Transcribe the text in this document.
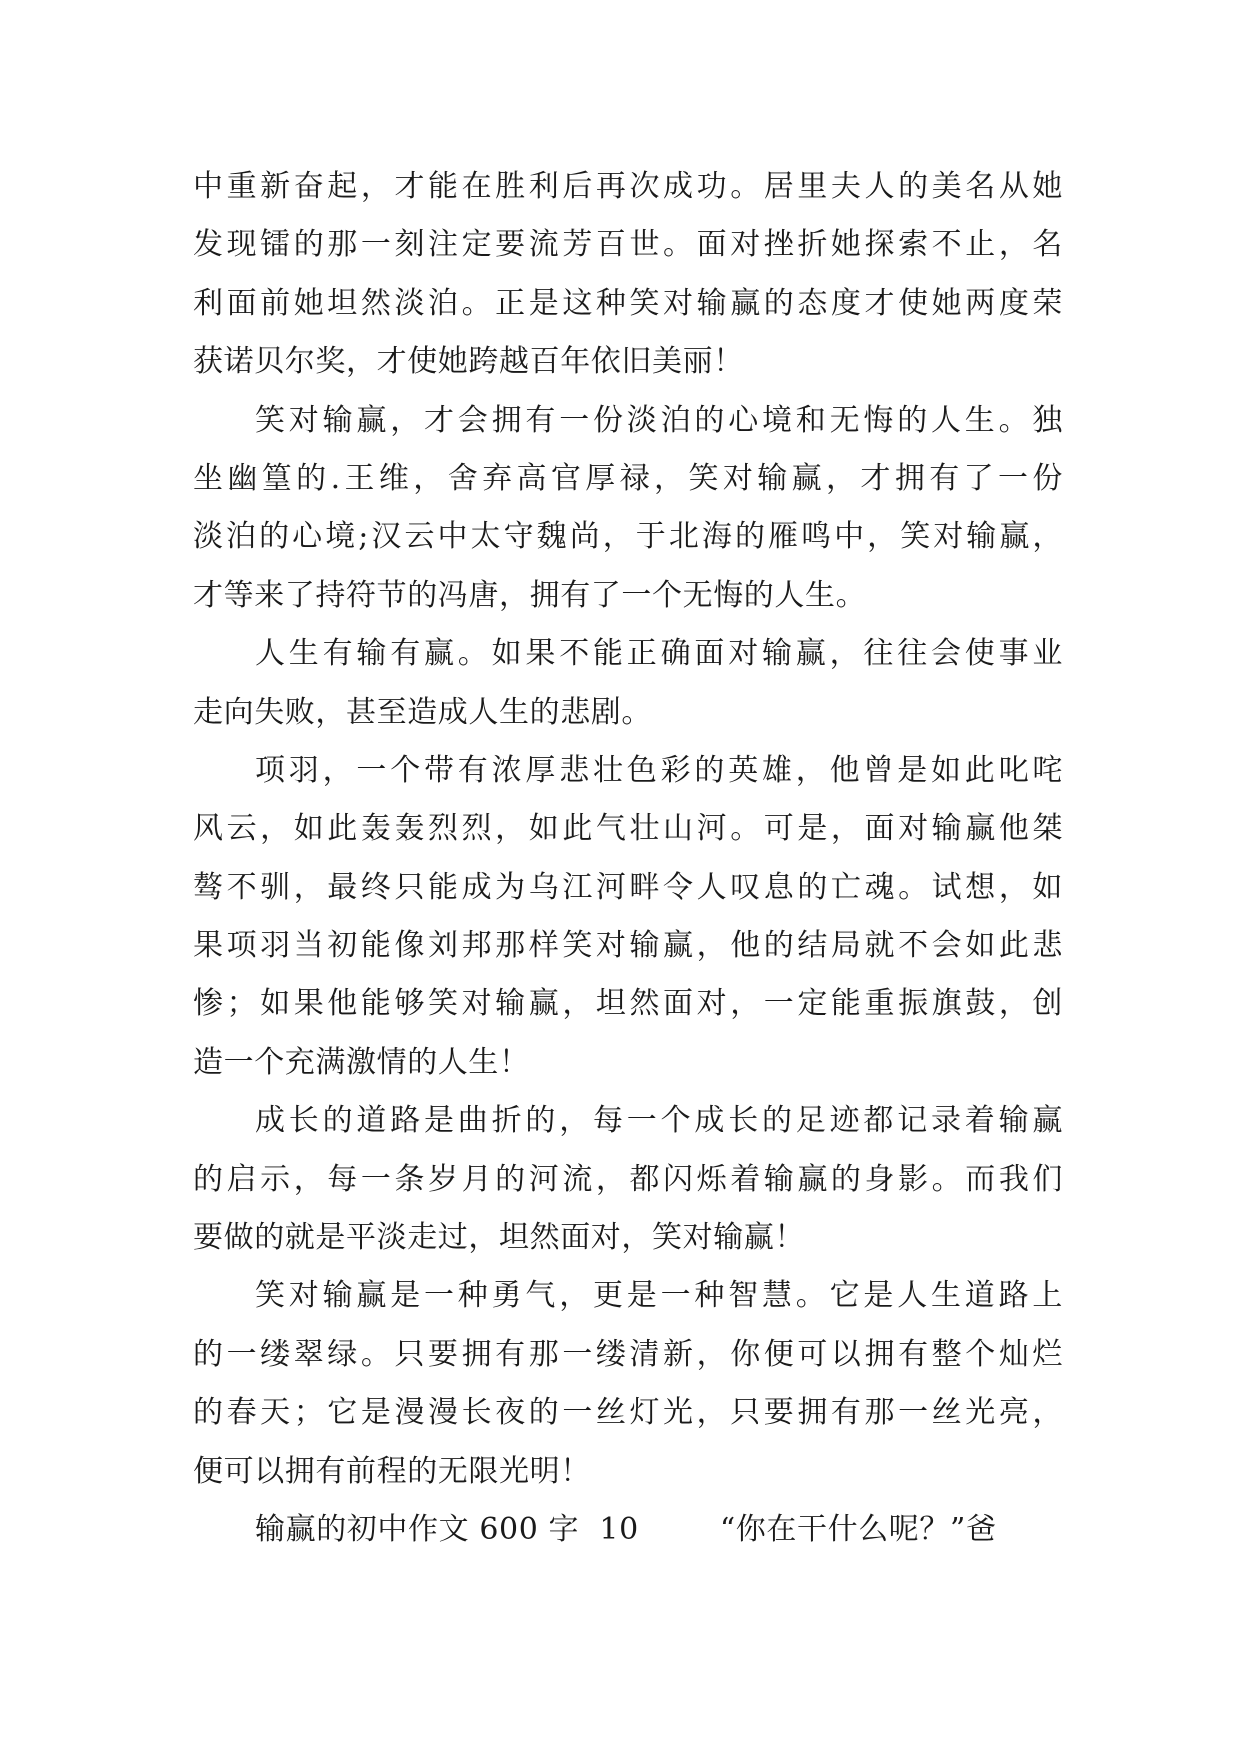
中重新奋起，才能在胜利后再次成功。居里夫人的美名从她
发现镭的那一刻注定要流芳百世。面对挫折她探索不止，名
利面前她坦然淡泊。正是这种笑对输赢的态度才使她两度荣
获诺贝尔奖，才使她跨越百年依旧美丽！
笑对输赢，才会拥有一份淡泊的心境和无悔的人生。独
坐幽篁的.王维，舍弃高官厚禄，笑对输赢，才拥有了一份
淡泊的心境;汉云中太守魏尚，于北海的雁鸣中，笑对输赢，
才等来了持符节的冯唐，拥有了一个无悔的人生。
人生有输有赢。如果不能正确面对输赢，往往会使事业
走向失败，甚至造成人生的悲剧。
项羽，一个带有浓厚悲壮色彩的英雄，他曾是如此叱咤
风云，如此轰轰烈烈，如此气壮山河。可是，面对输赢他桀
骜不驯，最终只能成为乌江河畔令人叹息的亡魂。试想，如
果项羽当初能像刘邦那样笑对输赢，他的结局就不会如此悲
惨；如果他能够笑对输赢，坦然面对，一定能重振旗鼓，创
造一个充满激情的人生！
成长的道路是曲折的，每一个成长的足迹都记录着输赢
的启示，每一条岁月的河流，都闪烁着输赢的身影。而我们
要做的就是平淡走过，坦然面对，笑对输赢！
笑对输赢是一种勇气，更是一种智慧。它是人生道路上
的一缕翠绿。只要拥有那一缕清新，你便可以拥有整个灿烂
的春天；它是漫漫长夜的一丝灯光，只要拥有那一丝光亮，
便可以拥有前程的无限光明！
输赢的初中作文 600 字  10        “你在干什么呢？”爸
